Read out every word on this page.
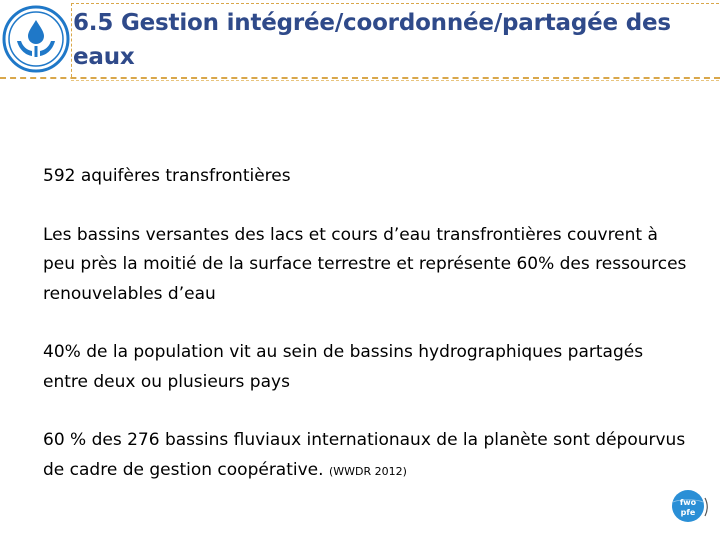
6.5 Gestion intégrée/coordonnée/partagée des eaux

592 aquifères transfrontières

Les bassins versantes des lacs et cours d’eau transfrontières couvrent à peu près la moitié de la surface terrestre et représente 60% des ressources renouvelables d’eau

40% de la population vit au sein de bassins hydrographiques partagés entre deux ou plusieurs pays

60 % des 276 bassins fluviaux internationaux de la planète sont dépourvus de cadre de gestion coopérative. (WWDR 2012)

fwo
pfe
